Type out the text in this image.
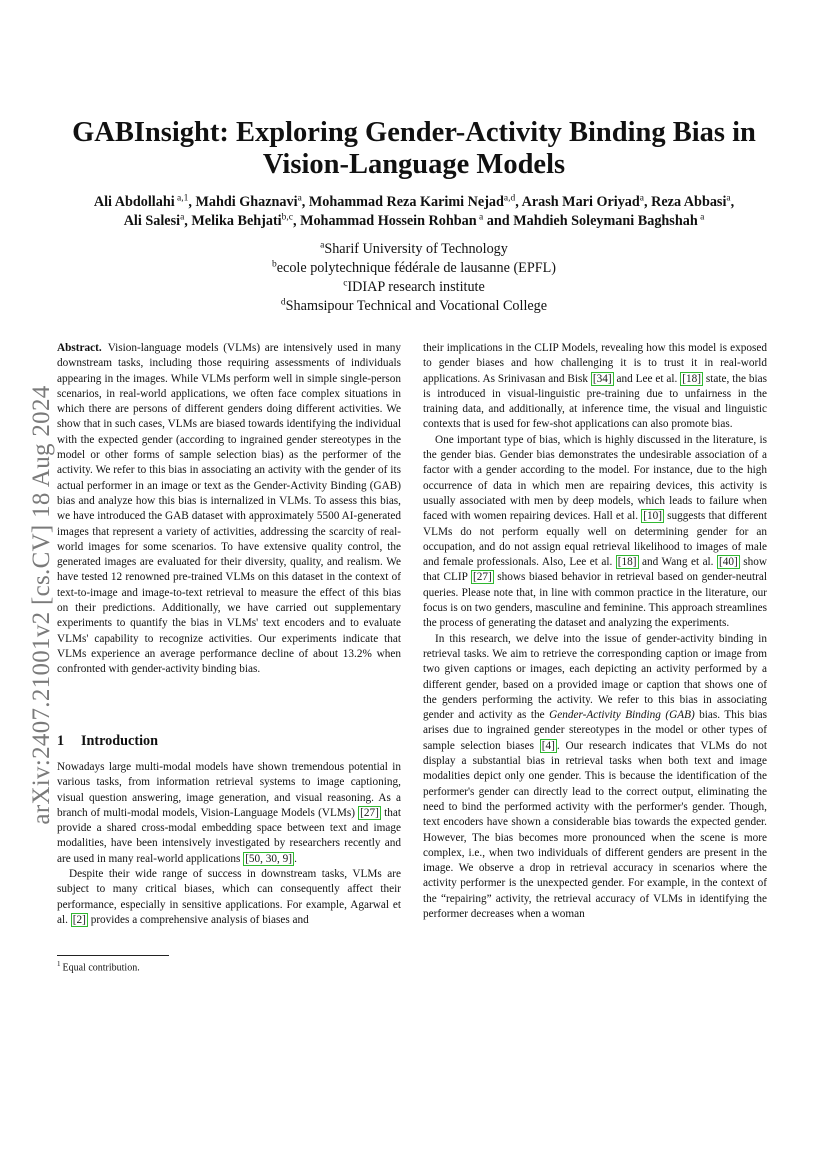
arXiv:2407.21001v2 [cs.CV] 18 Aug 2024
GABInsight: Exploring Gender-Activity Binding Bias in
Vision-Language Models
Ali Abdollahi $^{a,1}$, Mahdi Ghaznavi$^a$, Mohammad Reza Karimi Nejad$^{a,d}$, Arash Mari Oriyad$^a$, Reza Abbasi$^a$,
Ali Salesi$^a$, Melika Behjati$^{b,c}$, Mohammad Hossein Rohban $^a$ and Mahdieh Soleymani Baghshah $^a$
$^a$Sharif University of Technology
$^b$ecole polytechnique fédérale de lausanne (EPFL)
$^c$IDIAP research institute
$^d$Shamsipour Technical and Vocational College

Abstract. Vision-language models (VLMs) are intensively used in many downstream tasks, including those requiring assessments of individuals appearing in the images. While VLMs perform well in simple single-person scenarios, in real-world applications, we often face complex situations in which there are persons of different genders doing different activities. We show that in such cases, VLMs are biased towards identifying the individual with the expected gender (according to ingrained gender stereotypes in the model or other forms of sample selection bias) as the performer of the activity. We refer to this bias in associating an activity with the gender of its actual performer in an image or text as the Gender-Activity Binding (GAB) bias and analyze how this bias is internalized in VLMs. To assess this bias, we have introduced the GAB dataset with approximately 5500 AI-generated images that represent a variety of activities, addressing the scarcity of real-world images for some scenarios. To have extensive quality control, the generated images are evaluated for their diversity, quality, and realism. We have tested 12 renowned pre-trained VLMs on this dataset in the context of text-to-image and image-to-text retrieval to measure the effect of this bias on their predictions. Additionally, we have carried out supplementary experiments to quantify the bias in VLMs' text encoders and to evaluate VLMs' capability to recognize activities. Our experiments indicate that VLMs experience an average performance decline of about 13.2% when confronted with gender-activity binding bias.

1 Introduction

Nowadays large multi-modal models have shown tremendous potential in various tasks, from information retrieval systems to image captioning, visual question answering, image generation, and visual reasoning. As a branch of multi-modal models, Vision-Language Models (VLMs) [27] that provide a shared cross-modal embedding space between text and image modalities, have been intensively investigated by researchers recently and are used in many real-world applications [50, 30, 9] .

Despite their wide range of success in downstream tasks, VLMs are subject to many critical biases, which can consequently affect their performance, especially in sensitive applications. For example, Agarwal et al. [2] provides a comprehensive analysis of biases and

$^1$ Equal contribution.

their implications in the CLIP Models, revealing how this model is exposed to gender biases and how challenging it is to trust it in real-world applications. As Srinivasan and Bisk [34] and Lee et al. [18] state, the bias is introduced in visual-linguistic pre-training due to unfairness in the training data, and additionally, at inference time, the visual and linguistic contexts that is used for few-shot applications can also promote bias.

One important type of bias, which is highly discussed in the literature, is the gender bias. Gender bias demonstrates the undesirable association of a factor with a gender according to the model. For instance, due to the high occurrence of data in which men are repairing devices, this activity is usually associated with men by deep models, which leads to failure when faced with women repairing devices. Hall et al. [10] suggests that different VLMs do not perform equally well on determining gender for an occupation, and do not assign equal retrieval likelihood to images of male and female professionals. Also, Lee et al. [18] and Wang et al. [40] show that CLIP [27] shows biased behavior in retrieval based on gender-neutral queries. Please note that, in line with common practice in the literature, our focus is on two genders, masculine and feminine. This approach streamlines the process of generating the dataset and analyzing the experiments.

In this research, we delve into the issue of gender-activity binding in retrieval tasks. We aim to retrieve the corresponding caption or image from two given captions or images, each depicting an activity performed by a different gender, based on a provided image or caption that shows one of the genders performing the activity. We refer to this bias in associating gender and activity as the Gender-Activity Binding (GAB) bias. This bias arises due to ingrained gender stereotypes in the model or other types of sample selection biases [4] . Our research indicates that VLMs do not display a substantial bias in retrieval tasks when both text and image modalities depict only one gender. This is because the identification of the performer's gender can directly lead to the correct output, eliminating the need to bind the performed activity with the performer's gender. Though, text encoders have shown a considerable bias towards the expected gender. However, The bias becomes more pronounced when the scene is more complex, i.e., when two individuals of different genders are present in the image. We observe a drop in retrieval accuracy in scenarios where the activity performer is the unexpected gender. For example, in the context of the “repairing” activity, the retrieval accuracy of VLMs in identifying the performer decreases when a woman
